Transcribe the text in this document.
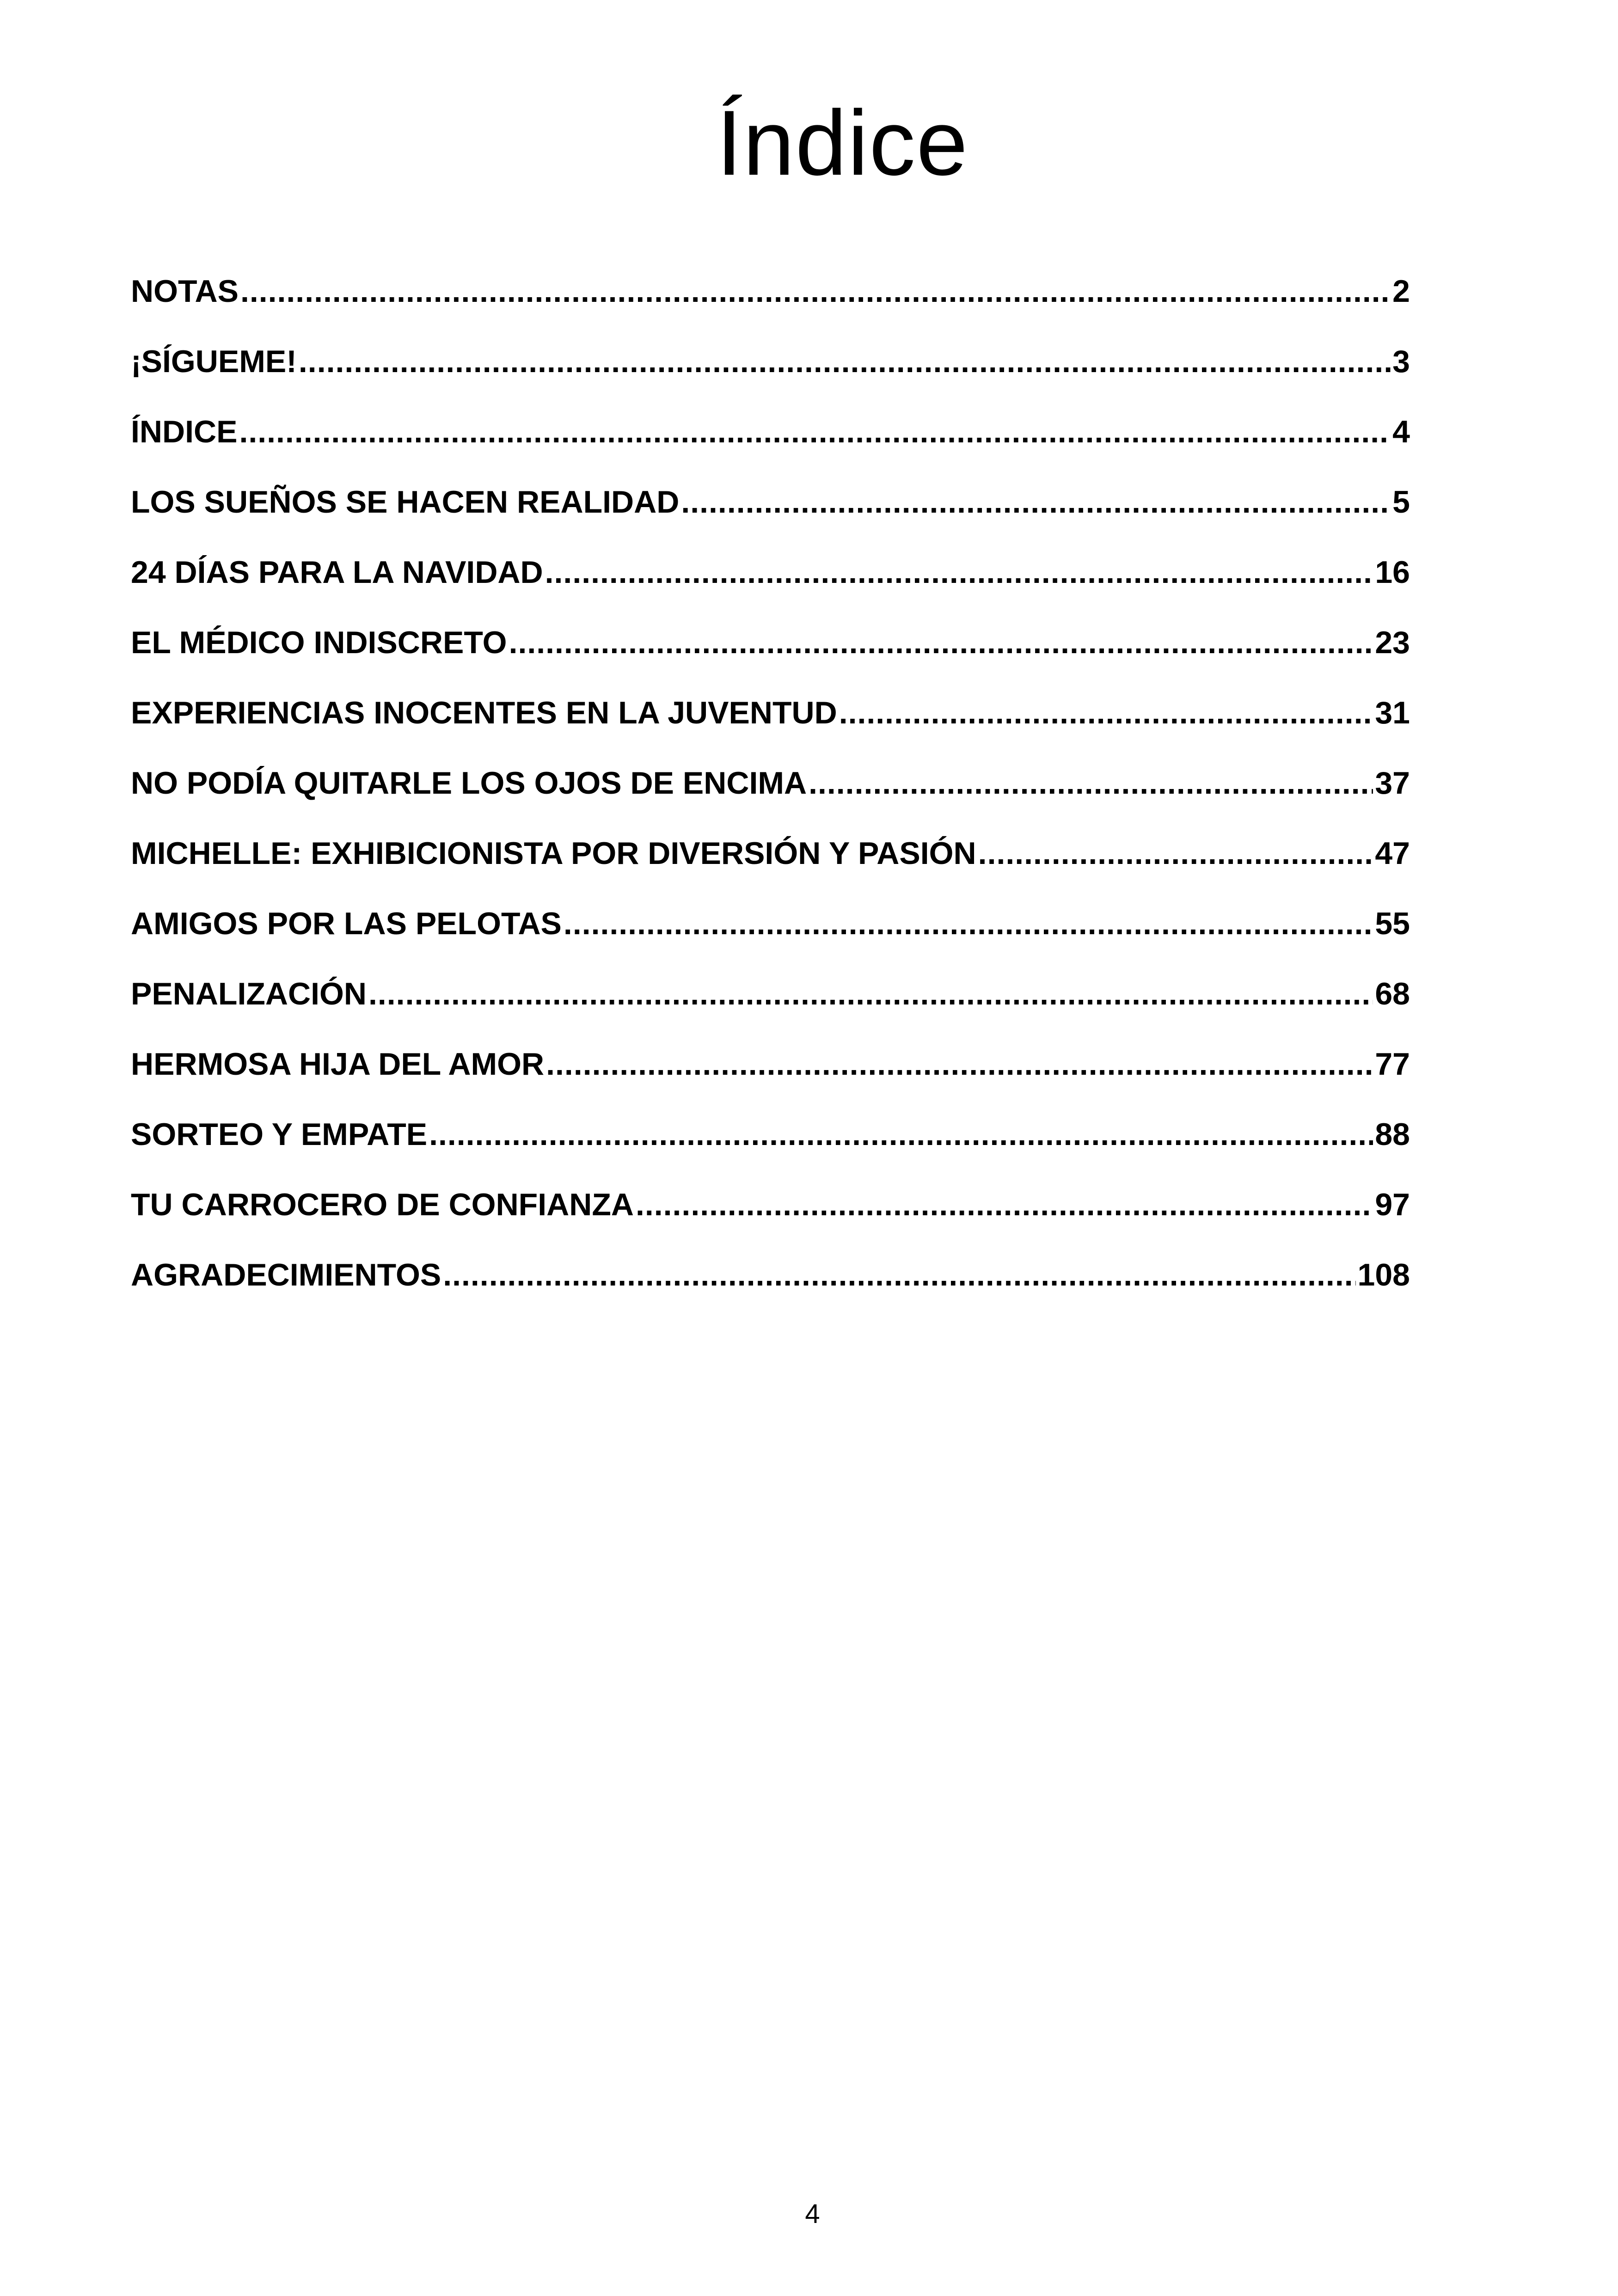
Índice
NOTAS .....	2
¡SÍGUEME! .....	3
ÍNDICE .....	4
LOS SUEÑOS SE HACEN REALIDAD .....	5
24 DÍAS PARA LA NAVIDAD .....	16
EL MÉDICO INDISCRETO .....	23
EXPERIENCIAS INOCENTES EN LA JUVENTUD .....	31
NO PODÍA QUITARLE LOS OJOS DE ENCIMA .....	37
MICHELLE: EXHIBICIONISTA POR DIVERSIÓN Y PASIÓN .....	47
AMIGOS POR LAS PELOTAS .....	55
PENALIZACIÓN .....	68
HERMOSA HIJA DEL AMOR .....	77
SORTEO Y EMPATE .....	88
TU CARROCERO DE CONFIANZA .....	97
AGRADECIMIENTOS .....	108
4
